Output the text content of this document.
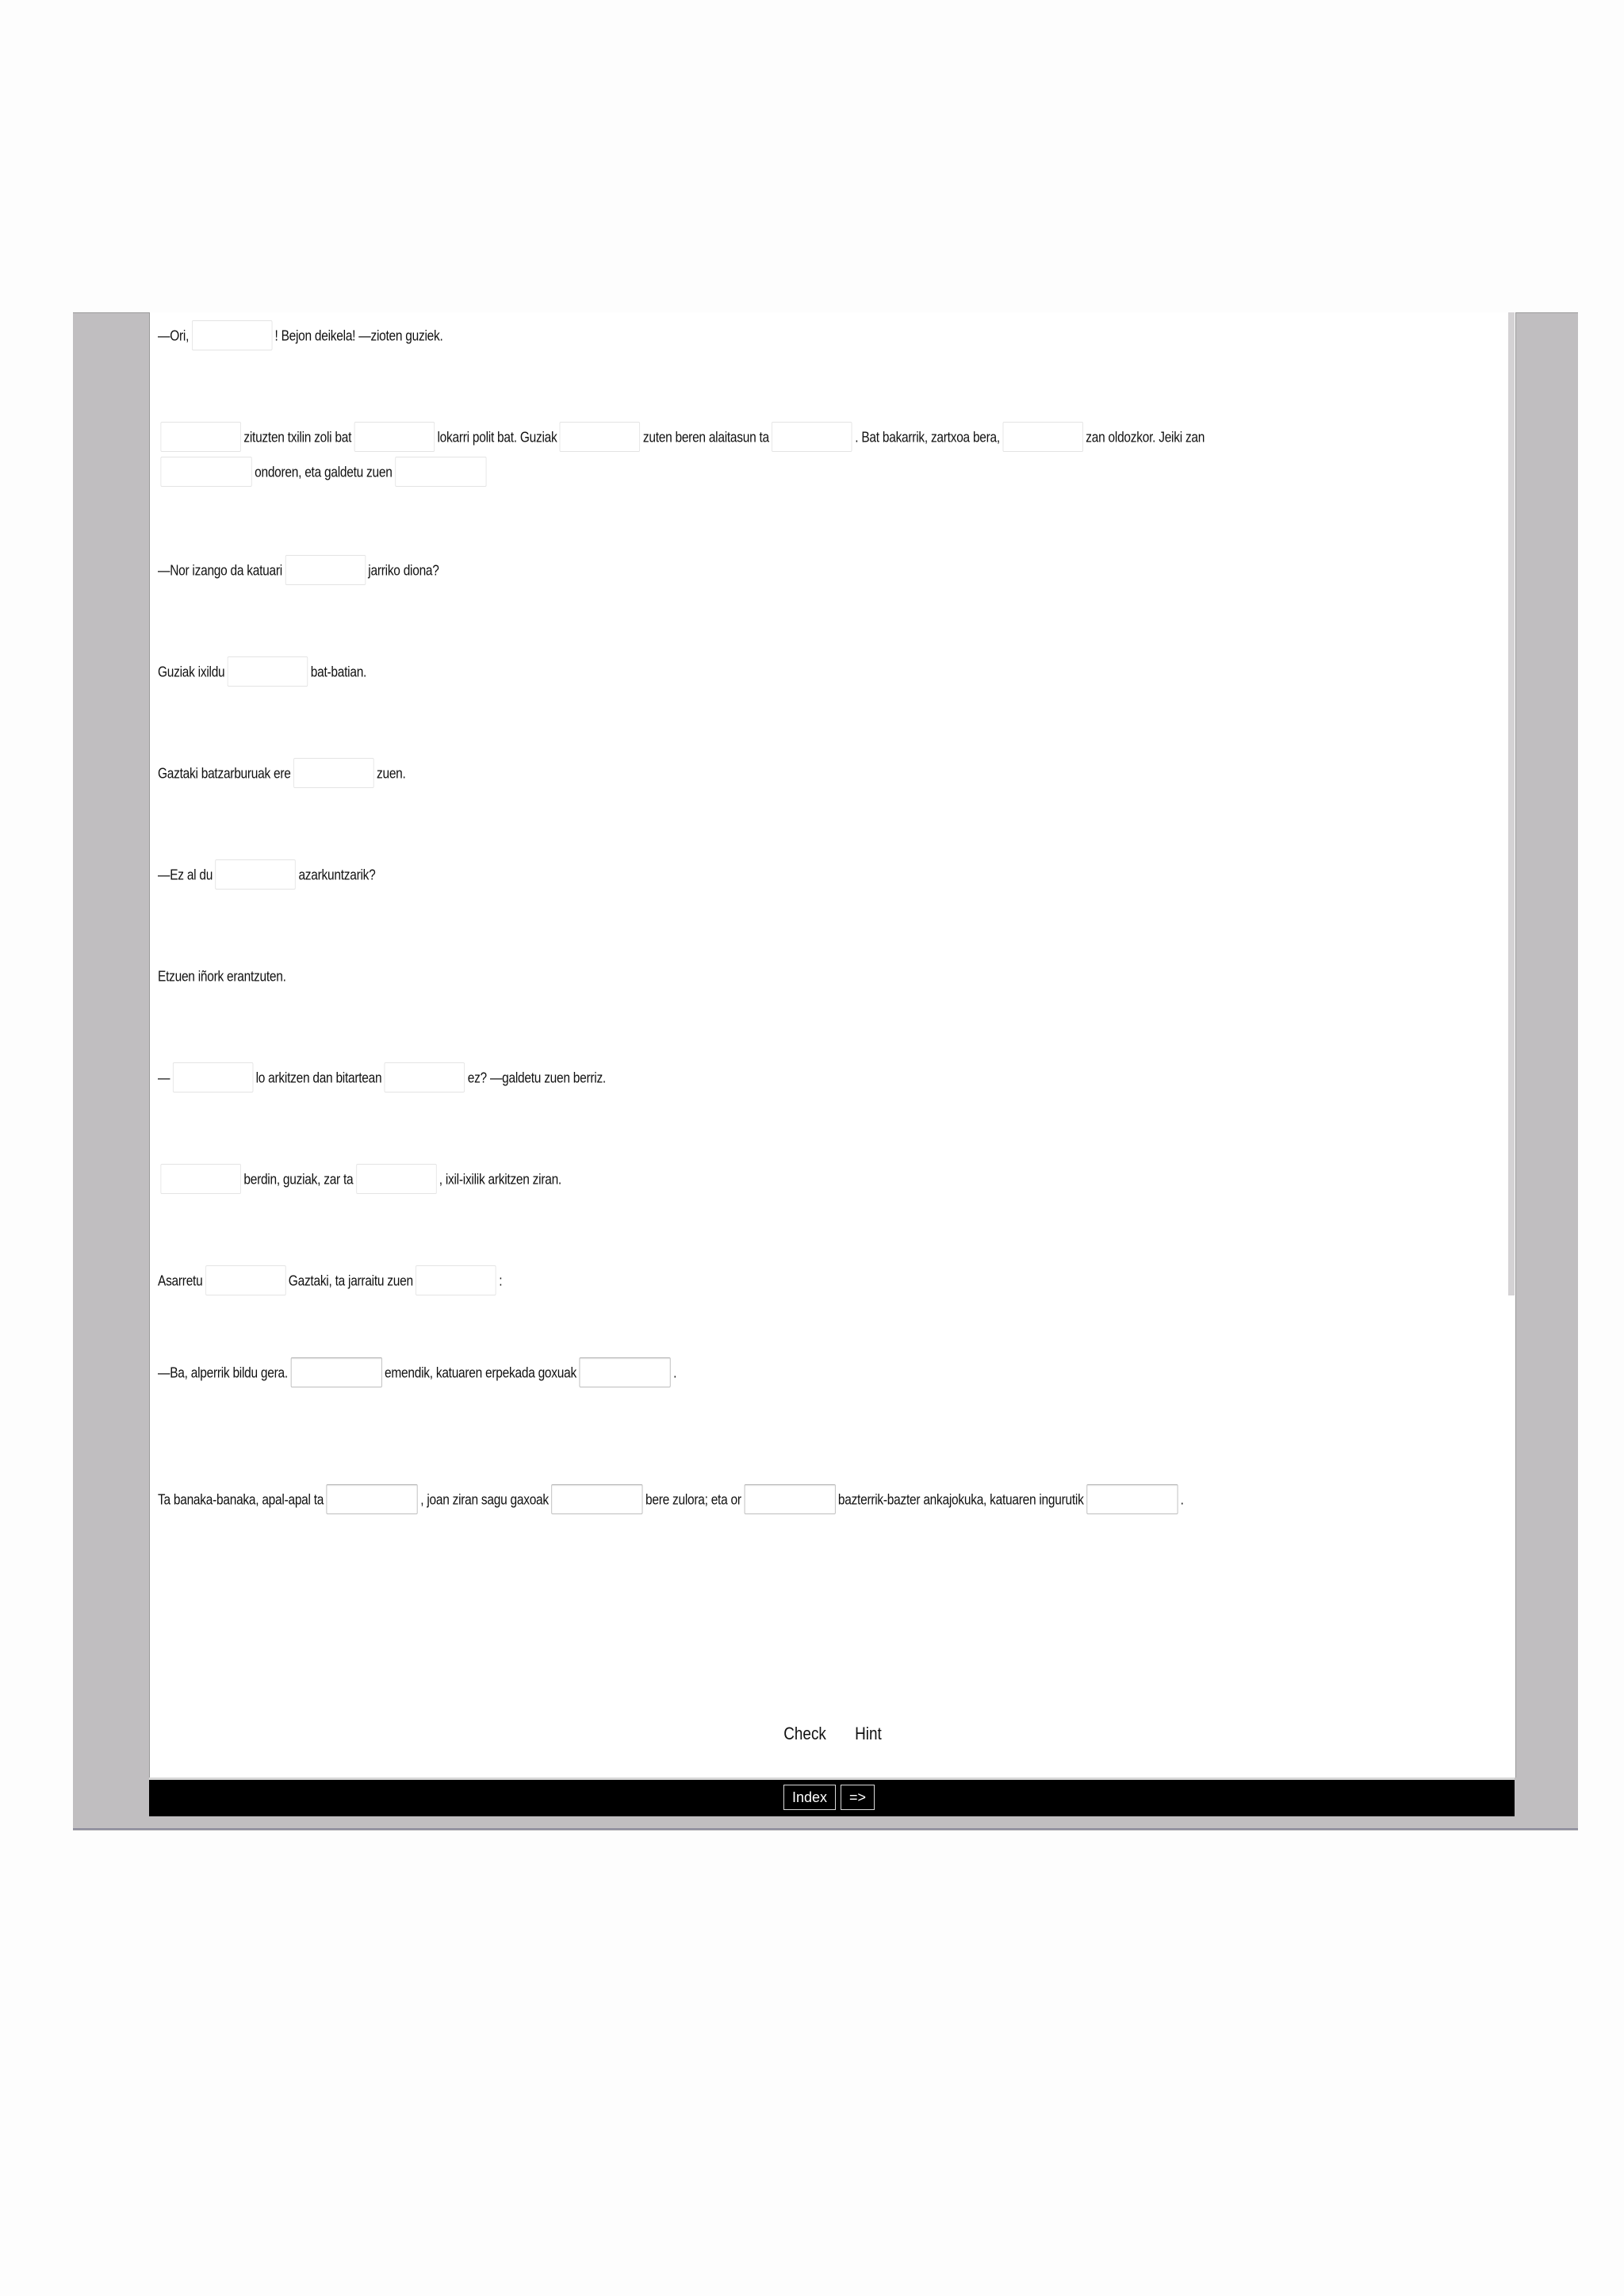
—Ori,	! Bejon deikela! —zioten guziek.
zituzten txilin zoli bat	lokarri polit bat. Guziak	zuten beren alaitasun ta	. Bat bakarrik, zartxoa bera,	zan oldozkor. Jeiki zan
ondoren, eta galdetu zuen
—Nor izango da katuari	jarriko diona?
Guziak ixildu	bat-batian.
Gaztaki batzarburuak ere	zuen.
—Ez al du	azarkuntzarik?
Etzuen iñork erantzuten.
—	lo arkitzen dan bitartean	ez? —galdetu zuen berriz.
berdin, guziak, zar ta	, ixil-ixilik arkitzen ziran.
Asarretu	Gaztaki, ta jarraitu zuen	:
—Ba, alperrik bildu gera.	emendik, katuaren erpekada goxuak	.
Ta banaka-banaka, apal-apal ta	, joan ziran sagu gaxoak	bere zulora; eta or	bazterrik-bazter ankajokuka, katuaren ingurutik	.
Check Hint
Index	=>
